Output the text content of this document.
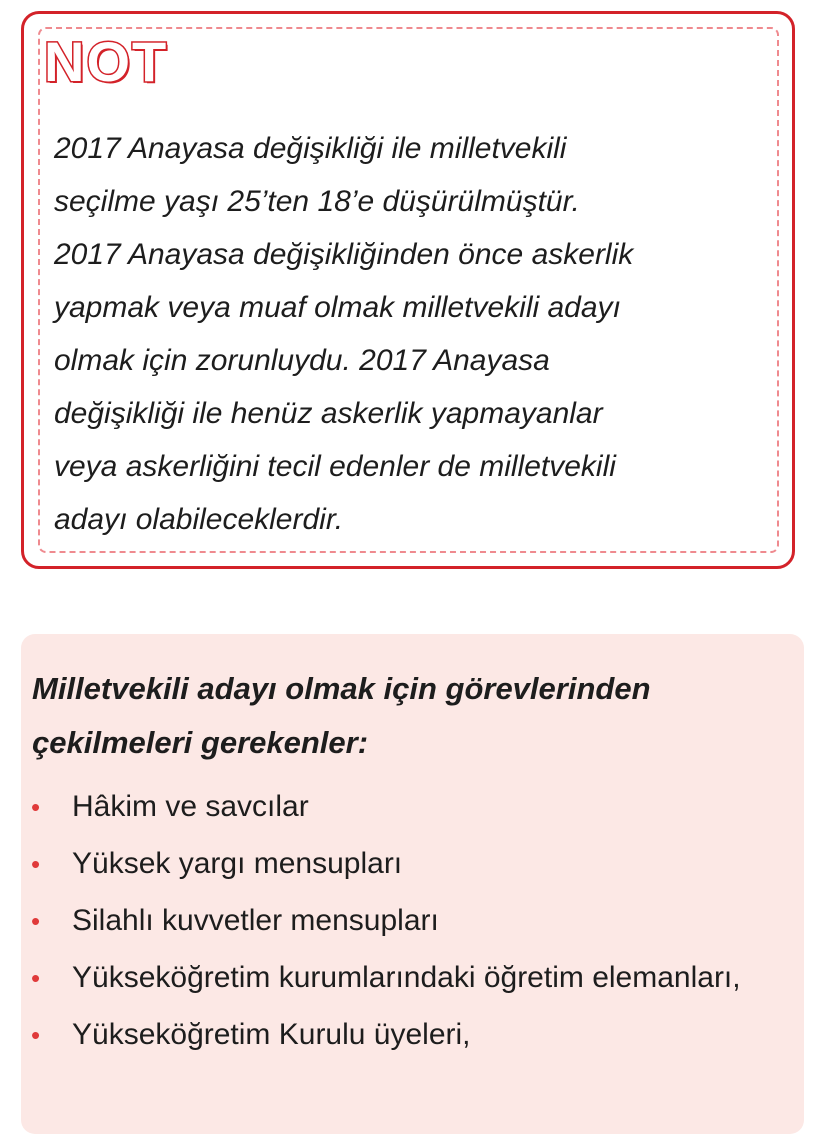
NOT

2017 Anayasa değişikliği ile milletvekili
seçilme yaşı 25’ten 18’e düşürülmüştür.
2017 Anayasa değişikliğinden önce askerlik
yapmak veya muaf olmak milletvekili adayı
olmak için zorunluydu. 2017 Anayasa
değişikliği ile henüz askerlik yapmayanlar
veya askerliğini tecil edenler de milletvekili
adayı olabileceklerdir.

Milletvekili adayı olmak için görevlerinden çekilmeleri gerekenler:
• Hâkim ve savcılar
• Yüksek yargı mensupları
• Silahlı kuvvetler mensupları
• Yükseköğretim kurumlarındaki öğretim elemanları,
• Yükseköğretim Kurulu üyeleri,
